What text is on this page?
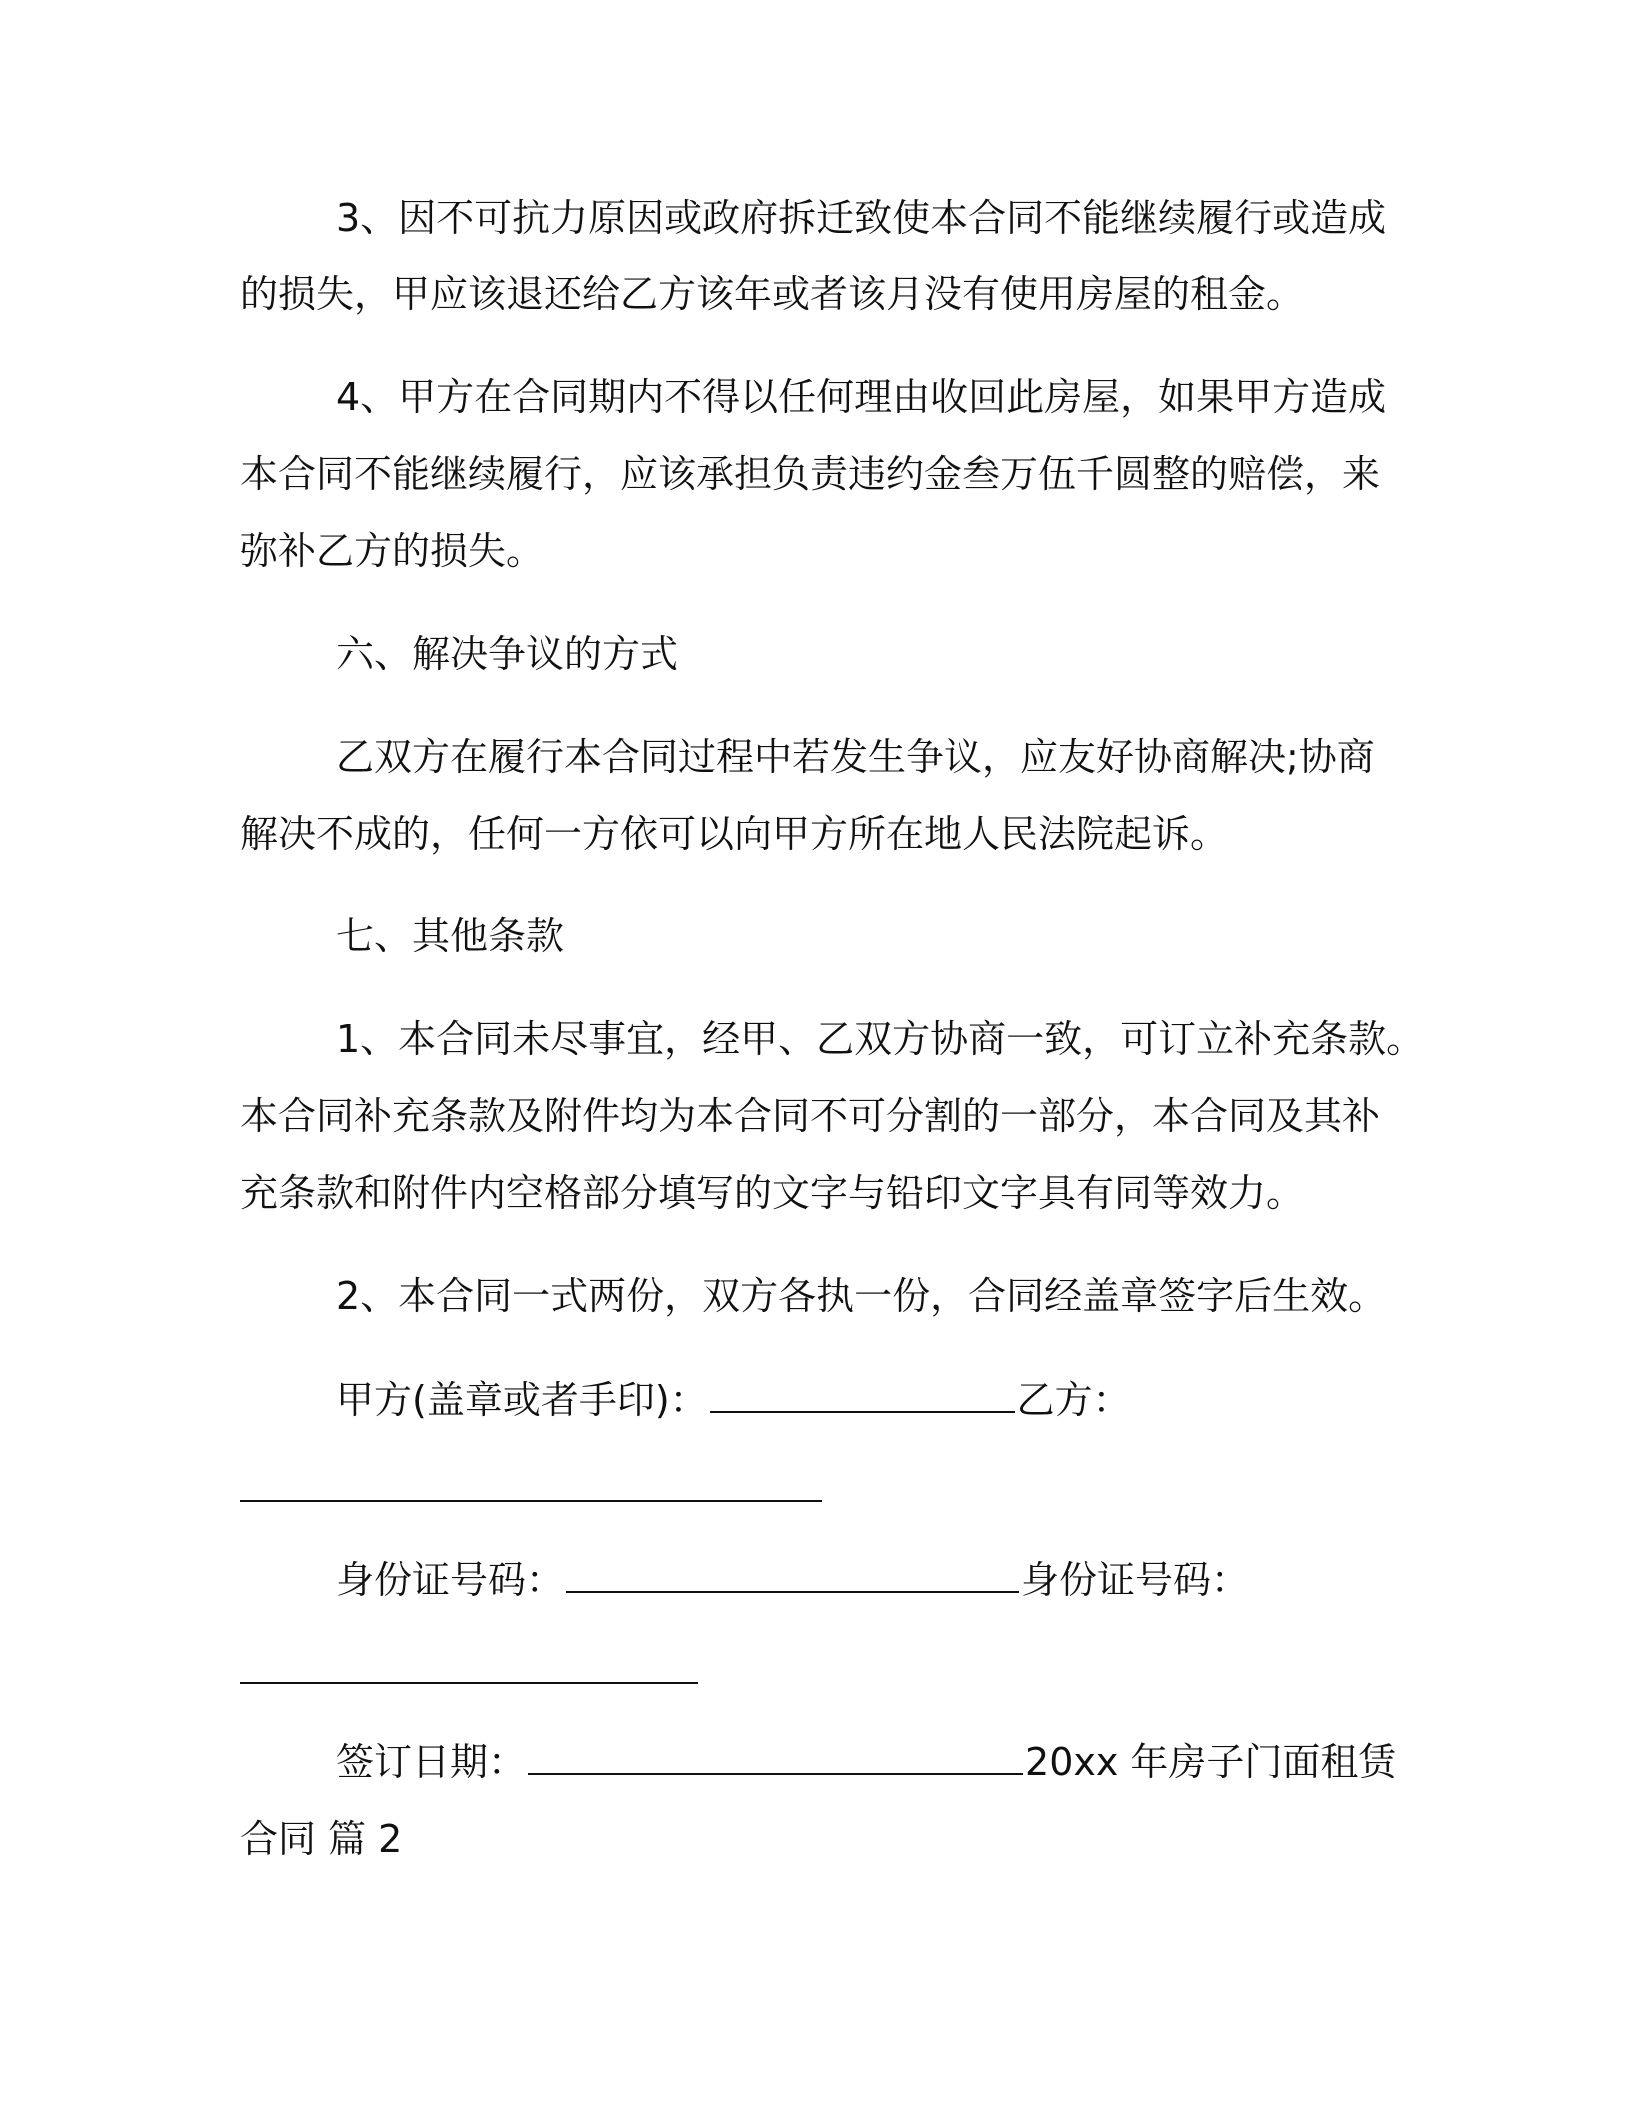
3、因不可抗力原因或政府拆迁致使本合同不能继续履行或造成
的损失，甲应该退还给乙方该年或者该月没有使用房屋的租金。
4、甲方在合同期内不得以任何理由收回此房屋，如果甲方造成
本合同不能继续履行，应该承担负责违约金叁万伍千圆整的赔偿，来
弥补乙方的损失。
六、解决争议的方式
乙双方在履行本合同过程中若发生争议，应友好协商解决;协商
解决不成的，任何一方依可以向甲方所在地人民法院起诉。
七、其他条款
1、本合同未尽事宜，经甲、乙双方协商一致，可订立补充条款。
本合同补充条款及附件均为本合同不可分割的一部分，本合同及其补
充条款和附件内空格部分填写的文字与铅印文字具有同等效力。
2、本合同一式两份，双方各执一份，合同经盖章签字后生效。
甲方(盖章或者手印)：	乙方：
身份证号码：	身份证号码：
签订日期：	20xx 年房子门面租赁
合同 篇 2
